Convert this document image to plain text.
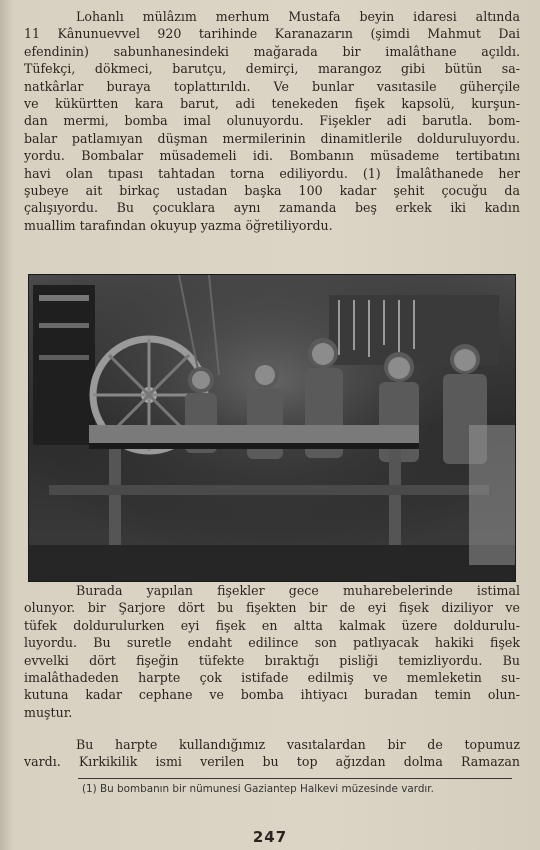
Lohanlı mülâzım merhum Mustafa beyin idaresi altında
11 Kânunuevvel 920 tarihinde Karanazarın (şimdi Mahmut Dai
efendinin) sabunhanesindeki mağarada bir imalâthane açıldı.
Tüfekçi, dökmeci, barutçu, demirçi, marangoz gibi bütün sa-
natkârlar buraya toplattırıldı. Ve bunlar vasıtasile güherçile
ve kükürtten kara barut, adi tenekeden fişek kapsolü, kurşun-
dan mermi, bomba imal olunuyordu. Fişekler adi barutla. bom-
balar patlamıyan düşman mermilerinin dinamitlerile dolduruluyordu.
yordu. Bombalar müsademeli idi. Bombanın müsademe tertibatını
havi olan tıpası tahtadan torna ediliyordu. (1) İmalâthanede her
şubeye ait birkaç ustadan başka 100 kadar şehit çocuğu da
çalışıyordu. Bu çocuklara aynı zamanda beş erkek iki kadın
muallim tarafından okuyup yazma öğretiliyordu.

Burada yapılan fişekler gece muharebelerinde istimal
olunyor. bir Şarjore dört bu fişekten bir de eyi fişek diziliyor ve
tüfek doldurulurken eyi fişek en altta kalmak üzere doldurulu-
luyordu. Bu suretle endaht edilince son patlıyacak hakiki fişek
evvelki dört fişeğin tüfekte bıraktığı pisliği temizliyordu. Bu
imalâthadeden harpte çok istifade edilmiş ve memleketin su-
kutuna kadar cephane ve bomba ihtiyacı buradan temin olun-
muştur.

Bu harpte kullandığımız vasıtalardan bir de topumuz
vardı. Kırkikilik ismi verilen bu top ağızdan dolma Ramazan

(1) Bu bombanın bir nümunesi Gaziantep Halkevi müzesinde vardır.
247
